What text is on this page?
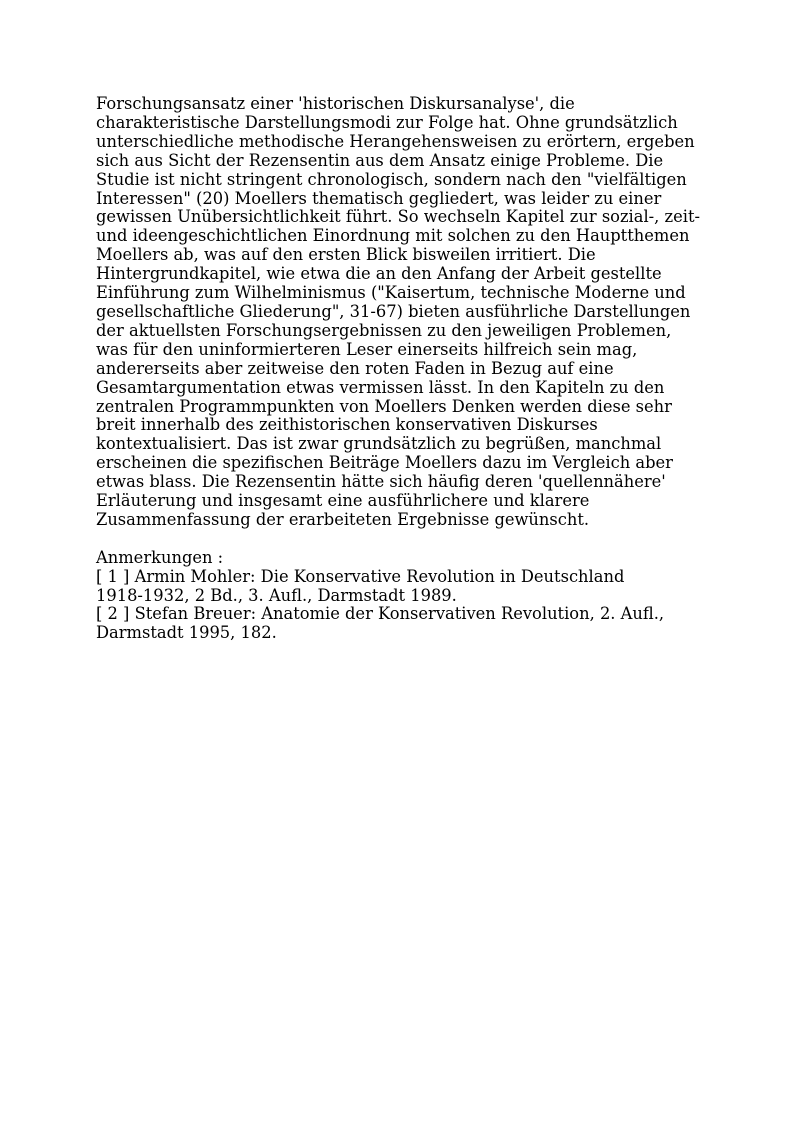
Forschungsansatz einer 'historischen Diskursanalyse', die
charakteristische Darstellungsmodi zur Folge hat. Ohne grundsätzlich
unterschiedliche methodische Herangehensweisen zu erörtern, ergeben
sich aus Sicht der Rezensentin aus dem Ansatz einige Probleme. Die
Studie ist nicht stringent chronologisch, sondern nach den "vielfältigen
Interessen" (20) Moellers thematisch gegliedert, was leider zu einer
gewissen Unübersichtlichkeit führt. So wechseln Kapitel zur sozial-, zeit-
und ideengeschichtlichen Einordnung mit solchen zu den Hauptthemen
Moellers ab, was auf den ersten Blick bisweilen irritiert. Die
Hintergrundkapitel, wie etwa die an den Anfang der Arbeit gestellte
Einführung zum Wilhelminismus ("Kaisertum, technische Moderne und
gesellschaftliche Gliederung", 31-67) bieten ausführliche Darstellungen
der aktuellsten Forschungsergebnissen zu den jeweiligen Problemen,
was für den uninformierteren Leser einerseits hilfreich sein mag,
andererseits aber zeitweise den roten Faden in Bezug auf eine
Gesamtargumentation etwas vermissen lässt. In den Kapiteln zu den
zentralen Programmpunkten von Moellers Denken werden diese sehr
breit innerhalb des zeithistorischen konservativen Diskurses
kontextualisiert. Das ist zwar grundsätzlich zu begrüßen, manchmal
erscheinen die spezifischen Beiträge Moellers dazu im Vergleich aber
etwas blass. Die Rezensentin hätte sich häufig deren 'quellennähere'
Erläuterung und insgesamt eine ausführlichere und klarere
Zusammenfassung der erarbeiteten Ergebnisse gewünscht.
Anmerkungen :
[ 1 ] Armin Mohler: Die Konservative Revolution in Deutschland
1918-1932, 2 Bd., 3. Aufl., Darmstadt 1989.
[ 2 ] Stefan Breuer: Anatomie der Konservativen Revolution, 2. Aufl.,
Darmstadt 1995, 182.
